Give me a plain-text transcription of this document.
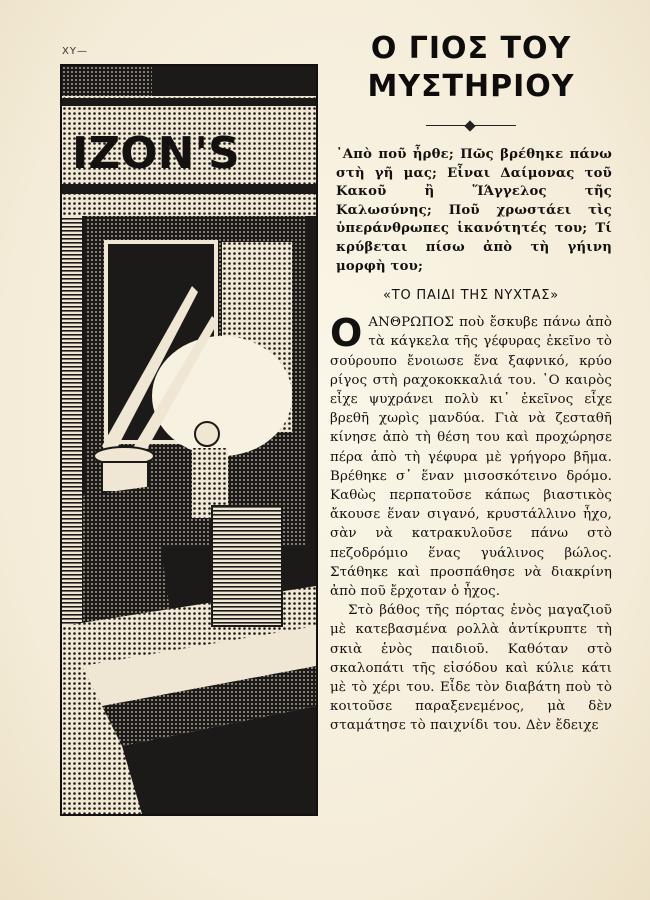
ΧΥ—
IZON'S
Ο ΓΙΟΣ ΤΟΥ
ΜΥΣΤΗΡΙΟΥ

᾿Απὸ ποῦ ἦρθε; Πῶς βρέθηκε πάνω στὴ γῆ μας; Εἶναι Δαίμονας τοῦ Κακοῦ ἢ ἽΆγγελος τῆς Καλωσύνης; Ποῦ χρωστάει τὶς ὑπεράνθρωπες ἱκανότητές του; Τί κρύβεται πίσω ἀπὸ τὴ γήινη μορφὴ του;

«ΤΟ ΠΑΙΔΙ ΤΗΣ ΝΥΧΤΑΣ»

Ο ΑΝΘΡΩΠΟΣ ποὺ ἔσκυβε πάνω ἀπὸ τὰ κάγκελα τῆς γέφυρας ἐκεῖνο τὸ σούρουπο ἔνοιωσε ἕνα ξαφνικό, κρύο ρίγος στὴ ραχοκοκκαλιά του. ᾿Ο καιρὸς εἶχε ψυχράνει πολὺ κι᾿ ἐκεῖνος εἶχε βρεθῆ χωρὶς μανδύα. Γιὰ νὰ ζεσταθῆ κίνησε ἀπὸ τὴ θέση του καὶ προχώρησε πέρα ἀπὸ τὴ γέφυρα μὲ γρήγορο βῆμα. Βρέθηκε σ᾿ ἕναν μισοσκότεινο δρόμο. Καθὼς περπατοῦσε κάπως βιαστικὸς ἄκουσε ἕναν σιγανό, κρυστάλλινο ἦχο, σὰν νὰ κατρακυλοῦσε πάνω στὸ πεζοδρόμιο ἕνας γυάλινος βώλος. Στάθηκε καὶ προσπάθησε νὰ διακρίνη ἀπὸ ποῦ ἔρχοταν ὁ ἦχος.

Στὸ βάθος τῆς πόρτας ἑνὸς μαγαζιοῦ μὲ κατεβασμένα ρολλὰ ἀντίκρυπτε τὴ σκιὰ ἑνὸς παιδιοῦ. Καθόταν στὸ σκαλοπάτι τῆς εἰσόδου καὶ κύλιε κάτι μὲ τὸ χέρι του. Εἶδε τὸν διαβάτη ποὺ τὸ κοιτοῦσε παραξενεμένος, μὰ δὲν σταμάτησε τὸ παιχνίδι του. Δὲν ἔδειχε
